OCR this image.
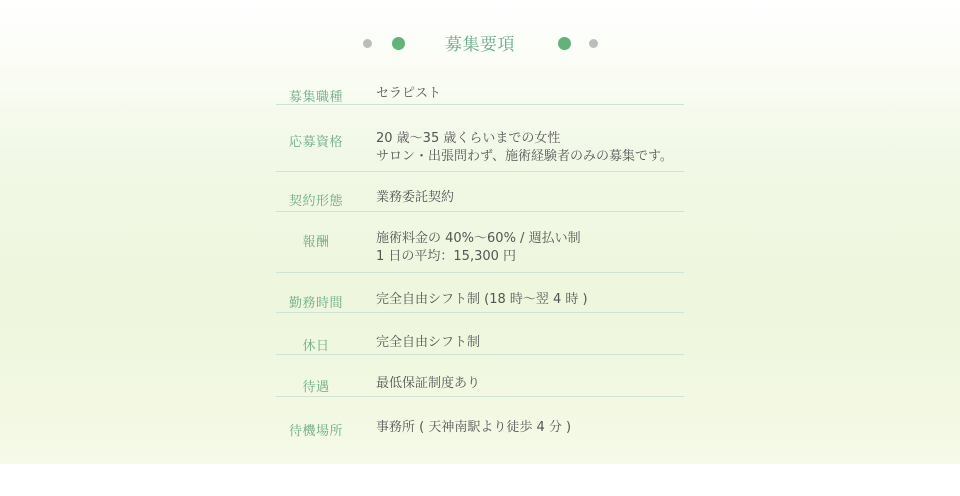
募集要項
募集職種	セラピスト
応募資格	20 歳〜35 歳くらいまでの女性
サロン・出張問わず、施術経験者のみの募集です。
契約形態	業務委託契約
報酬	施術料金の 40%〜60% / 週払い制
1 日の平均：15,300 円
勤務時間	完全自由シフト制 (18 時〜翌 4 時 )
休日	完全自由シフト制
待遇	最低保証制度あり
待機場所	事務所 ( 天神南駅より徒歩 4 分 )
